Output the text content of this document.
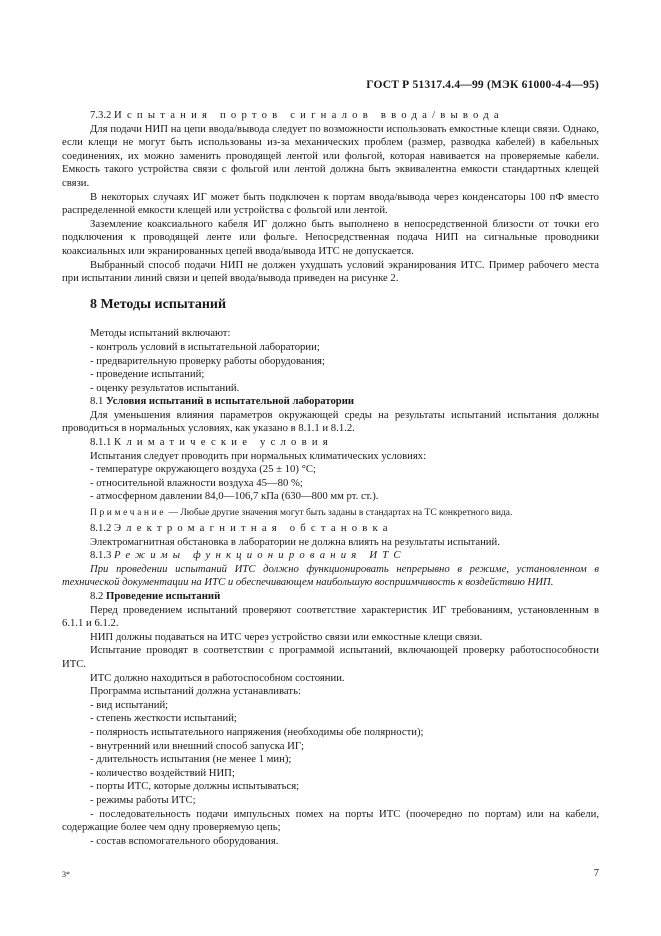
ГОСТ Р 51317.4.4—99 (МЭК 61000-4-4—95)

7.3.2 Испытания портов сигналов ввода/вывода

Для подачи НИП на цепи ввода/вывода следует по возможности использовать емкостные клещи связи. Однако, если клещи не могут быть использованы из-за механических проблем (размер, разводка кабелей) в кабельных соединениях, их можно заменить проводящей лентой или фольгой, которая навивается на проверяемые кабели. Емкость такого устройства связи с фольгой или лентой должна быть эквивалентна емкости стандартных клещей связи.

В некоторых случаях ИГ может быть подключен к портам ввода/вывода через конденсаторы 100 пФ вместо распределенной емкости клещей или устройства с фольгой или лентой.

Заземление коаксиального кабеля ИГ должно быть выполнено в непосредственной близости от точки его подключения к проводящей ленте или фольге. Непосредственная подача НИП на сигнальные проводники коаксиальных или экранированных цепей ввода/вывода ИТС не допускается.

Выбранный способ подачи НИП не должен ухудшать условий экранирования ИТС. Пример рабочего места при испытании линий связи и цепей ввода/вывода приведен на рисунке 2.

8 Методы испытаний

Методы испытаний включают:

- контроль условий в испытательной лаборатории;

- предварительную проверку работы оборудования;

- проведение испытаний;

- оценку результатов испытаний.

8.1 Условия испытаний в испытательной лаборатории

Для уменьшения влияния параметров окружающей среды на результаты испытаний испытания должны проводиться в нормальных условиях, как указано в 8.1.1 и 8.1.2.

8.1.1 Климатические условия

Испытания следует проводить при нормальных климатических условиях:

- температуре окружающего воздуха (25 ± 10) °С;

- относительной влажности воздуха 45—80 %;

- атмосферном давлении 84,0—106,7 кПа (630—800 мм рт. ст.).

Примечание — Любые другие значения могут быть заданы в стандартах на ТС конкретного вида.

8.1.2 Электромагнитная обстановка

Электромагнитная обстановка в лаборатории не должна влиять на результаты испытаний.

8.1.3 Режимы функционирования ИТС

При проведении испытаний ИТС должно функционировать непрерывно в режиме, установленном в технической документации на ИТС и обеспечивающем наибольшую восприимчивость к воздействию НИП.

8.2 Проведение испытаний

Перед проведением испытаний проверяют соответствие характеристик ИГ требованиям, установленным в 6.1.1 и 6.1.2.

НИП должны подаваться на ИТС через устройство связи или емкостные клещи связи.

Испытание проводят в соответствии с программой испытаний, включающей проверку работоспособности ИТС.

ИТС должно находиться в работоспособном состоянии.

Программа испытаний должна устанавливать:

- вид испытаний;

- степень жесткости испытаний;

- полярность испытательного напряжения (необходимы обе полярности);

- внутренний или внешний способ запуска ИГ;

- длительность испытания (не менее 1 мин);

- количество воздействий НИП;

- порты ИТС, которые должны испытываться;

- режимы работы ИТС;

- последовательность подачи импульсных помех на порты ИТС (поочередно по портам) или на кабели, содержащие более чем одну проверяемую цепь;

- состав вспомогательного оборудования.

3*	7
